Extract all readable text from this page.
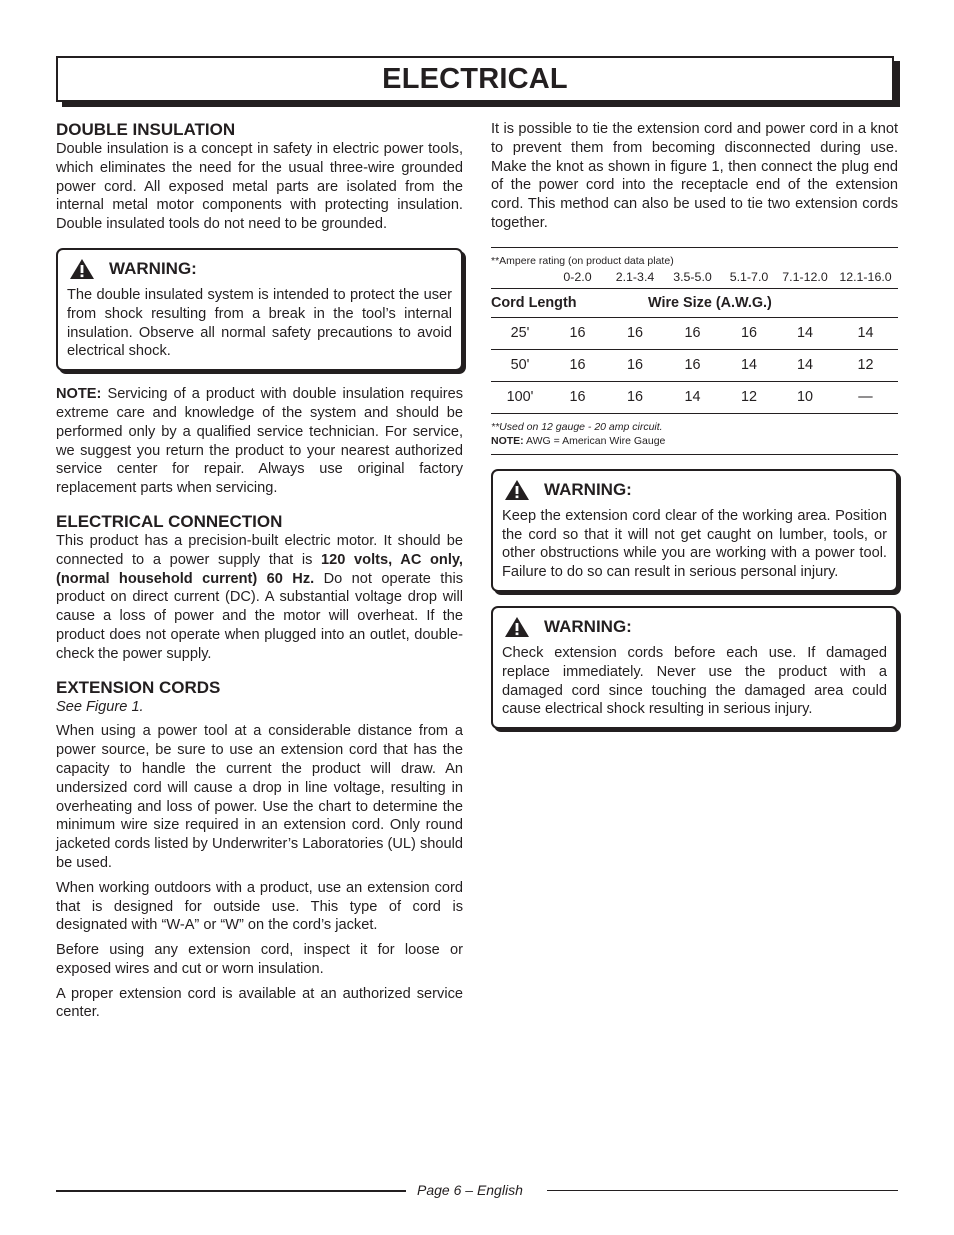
ELECTRICAL
DOUBLE INSULATION

Double insulation is a concept in safety in electric power tools, which eliminates the need for the usual three-wire grounded power cord. All exposed metal parts are isolated from the internal metal motor components with protecting insulation. Double insulated tools do not need to be grounded.

WARNING:

The double insulated system is intended to protect the user from shock resulting from a break in the tool’s internal insulation. Observe all normal safety precautions to avoid electrical shock.

NOTE: Servicing of a product with double insulation requires extreme care and knowledge of the system and should be performed only by a qualified service technician. For service, we suggest you return the product to your nearest authorized service center for repair. Always use original factory replacement parts when servicing.

ELECTRICAL CONNECTION

This product has a precision-built electric motor. It should be connected to a power supply that is 120 volts, AC only, (normal household current) 60 Hz. Do not operate this product on direct current (DC). A substantial voltage drop will cause a loss of power and the motor will overheat. If the product does not operate when plugged into an outlet, double-check the power supply.

EXTENSION CORDS

See Figure 1.

When using a power tool at a considerable distance from a power source, be sure to use an extension cord that has the capacity to handle the current the product will draw. An undersized cord will cause a drop in line voltage, resulting in overheating and loss of power. Use the chart to determine the minimum wire size required in an extension cord. Only round jacketed cords listed by Underwriter’s Laboratories (UL) should be used.

When working outdoors with a product, use an extension cord that is designed for outside use. This type of cord is designated with “W-A” or “W” on the cord’s jacket.

Before using any extension cord, inspect it for loose or exposed wires and cut or worn insulation.

A proper extension cord is available at an authorized service center.

It is possible to tie the extension cord and power cord in a knot to prevent them from becoming disconnected during use. Make the knot as shown in figure 1, then connect the plug end of the power cord into the receptacle end of the extension cord. This method can also be used to tie two extension cords together.

**Ampere rating (on product data plate)
	0-2.0	2.1-3.4	3.5-5.0	5.1-7.0	7.1-12.0	12.1-16.0
Cord Length		Wire Size (A.W.G.)				
25'	16	16	16	16	14	14
50'	16	16	16	14	14	12
100'	16	16	14	12	10	—
**Used on 12 gauge - 20 amp circuit.
NOTE: AWG = American Wire Gauge
WARNING:

Keep the extension cord clear of the working area. Position the cord so that it will not get caught on lumber, tools, or other obstructions while you are working with a power tool. Failure to do so can result in serious personal injury.

WARNING:

Check extension cords before each use. If damaged replace immediately. Never use the product with a damaged cord since touching the damaged area could cause electrical shock resulting in serious injury.

Page 6 – English
